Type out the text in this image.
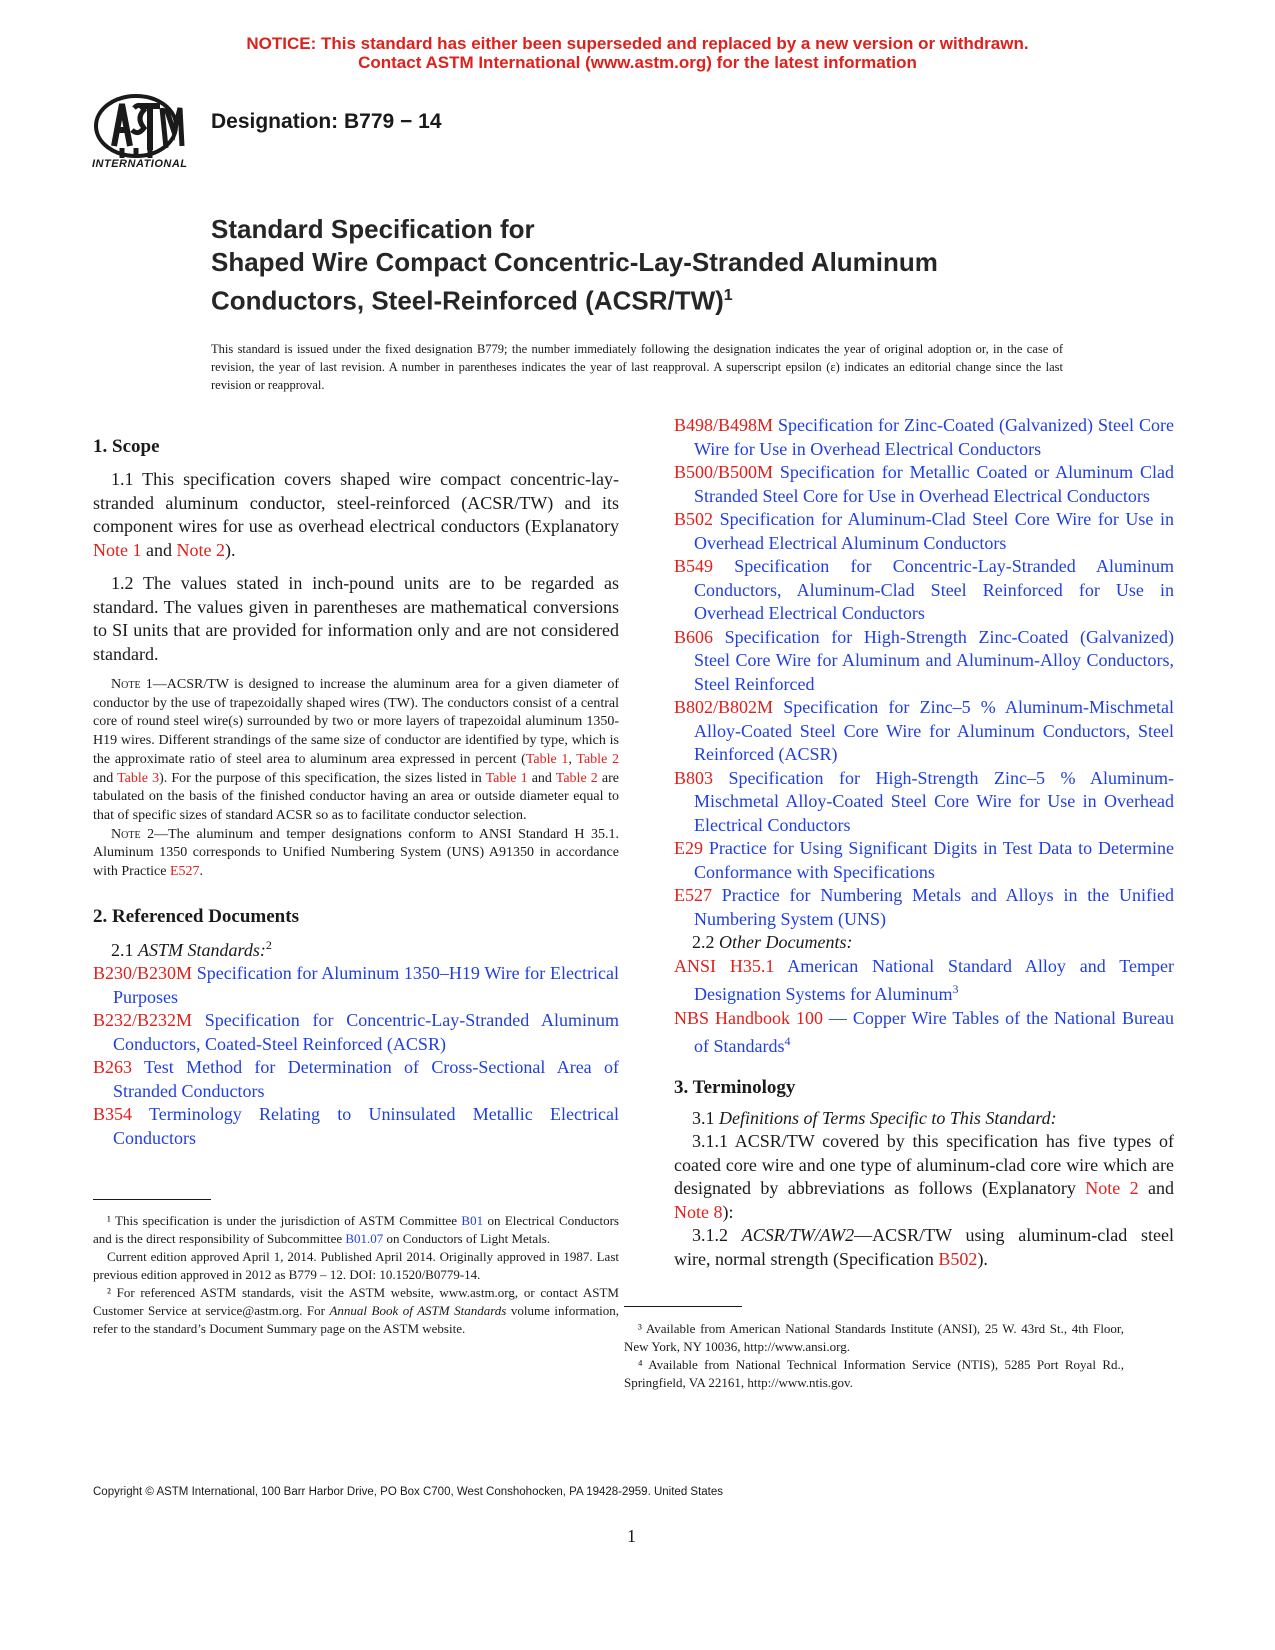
NOTICE: This standard has either been superseded and replaced by a new version or withdrawn.
Contact ASTM International (www.astm.org) for the latest information
INTERNATIONAL
Designation: B779 − 14
Standard Specification for
Shaped Wire Compact Concentric-Lay-Stranded Aluminum
Conductors, Steel-Reinforced (ACSR/TW)$^1$
This standard is issued under the fixed designation B779; the number immediately following the designation indicates the year of original adoption or, in the case of revision, the year of last revision. A number in parentheses indicates the year of last reapproval. A superscript epsilon (ε) indicates an editorial change since the last revision or reapproval.
1. Scope

1.1 This specification covers shaped wire compact concentric-lay-stranded aluminum conductor, steel-reinforced (ACSR/TW) and its component wires for use as overhead electrical conductors (Explanatory Note 1 and Note 2).

1.2 The values stated in inch-pound units are to be regarded as standard. The values given in parentheses are mathematical conversions to SI units that are provided for information only and are not considered standard.

Note 1—ACSR/TW is designed to increase the aluminum area for a given diameter of conductor by the use of trapezoidally shaped wires (TW). The conductors consist of a central core of round steel wire(s) surrounded by two or more layers of trapezoidal aluminum 1350-H19 wires. Different strandings of the same size of conductor are identified by type, which is the approximate ratio of steel area to aluminum area expressed in percent (Table 1, Table 2 and Table 3). For the purpose of this specification, the sizes listed in Table 1 and Table 2 are tabulated on the basis of the finished conductor having an area or outside diameter equal to that of specific sizes of standard ACSR so as to facilitate conductor selection.

Note 2—The aluminum and temper designations conform to ANSI Standard H 35.1. Aluminum 1350 corresponds to Unified Numbering System (UNS) A91350 in accordance with Practice E527.

2. Referenced Documents

2.1 ASTM Standards:$^2$

B230/B230M Specification for Aluminum 1350–H19 Wire for Electrical Purposes

B232/B232M Specification for Concentric-Lay-Stranded Aluminum Conductors, Coated-Steel Reinforced (ACSR)

B263 Test Method for Determination of Cross-Sectional Area of Stranded Conductors

B354 Terminology Relating to Uninsulated Metallic Electrical Conductors

¹ This specification is under the jurisdiction of ASTM Committee B01 on Electrical Conductors and is the direct responsibility of Subcommittee B01.07 on Conductors of Light Metals.

Current edition approved April 1, 2014. Published April 2014. Originally approved in 1987. Last previous edition approved in 2012 as B779 – 12. DOI: 10.1520/B0779-14.

² For referenced ASTM standards, visit the ASTM website, www.astm.org, or contact ASTM Customer Service at service@astm.org. For Annual Book of ASTM Standards volume information, refer to the standard’s Document Summary page on the ASTM website.

B498/B498M Specification for Zinc-Coated (Galvanized) Steel Core Wire for Use in Overhead Electrical Conductors

B500/B500M Specification for Metallic Coated or Aluminum Clad Stranded Steel Core for Use in Overhead Electrical Conductors

B502 Specification for Aluminum-Clad Steel Core Wire for Use in Overhead Electrical Aluminum Conductors

B549 Specification for Concentric-Lay-Stranded Aluminum Conductors, Aluminum-Clad Steel Reinforced for Use in Overhead Electrical Conductors

B606 Specification for High-Strength Zinc-Coated (Galvanized) Steel Core Wire for Aluminum and Aluminum-Alloy Conductors, Steel Reinforced

B802/B802M Specification for Zinc–5 % Aluminum-Mischmetal Alloy-Coated Steel Core Wire for Aluminum Conductors, Steel Reinforced (ACSR)

B803 Specification for High-Strength Zinc–5 % Aluminum-Mischmetal Alloy-Coated Steel Core Wire for Use in Overhead Electrical Conductors

E29 Practice for Using Significant Digits in Test Data to Determine Conformance with Specifications

E527 Practice for Numbering Metals and Alloys in the Unified Numbering System (UNS)

2.2 Other Documents:

ANSI H35.1 American National Standard Alloy and Temper Designation Systems for Aluminum$^3$

NBS Handbook 100 — Copper Wire Tables of the National Bureau of Standards$^4$

3. Terminology

3.1 Definitions of Terms Specific to This Standard:

3.1.1 ACSR/TW covered by this specification has five types of coated core wire and one type of aluminum-clad core wire which are designated by abbreviations as follows (Explanatory Note 2 and Note 8):

3.1.2 ACSR/TW/AW2—ACSR/TW using aluminum-clad steel wire, normal strength (Specification B502).

³ Available from American National Standards Institute (ANSI), 25 W. 43rd St., 4th Floor, New York, NY 10036, http://www.ansi.org.

⁴ Available from National Technical Information Service (NTIS), 5285 Port Royal Rd., Springfield, VA 22161, http://www.ntis.gov.

Copyright © ASTM International, 100 Barr Harbor Drive, PO Box C700, West Conshohocken, PA 19428-2959. United States
1
